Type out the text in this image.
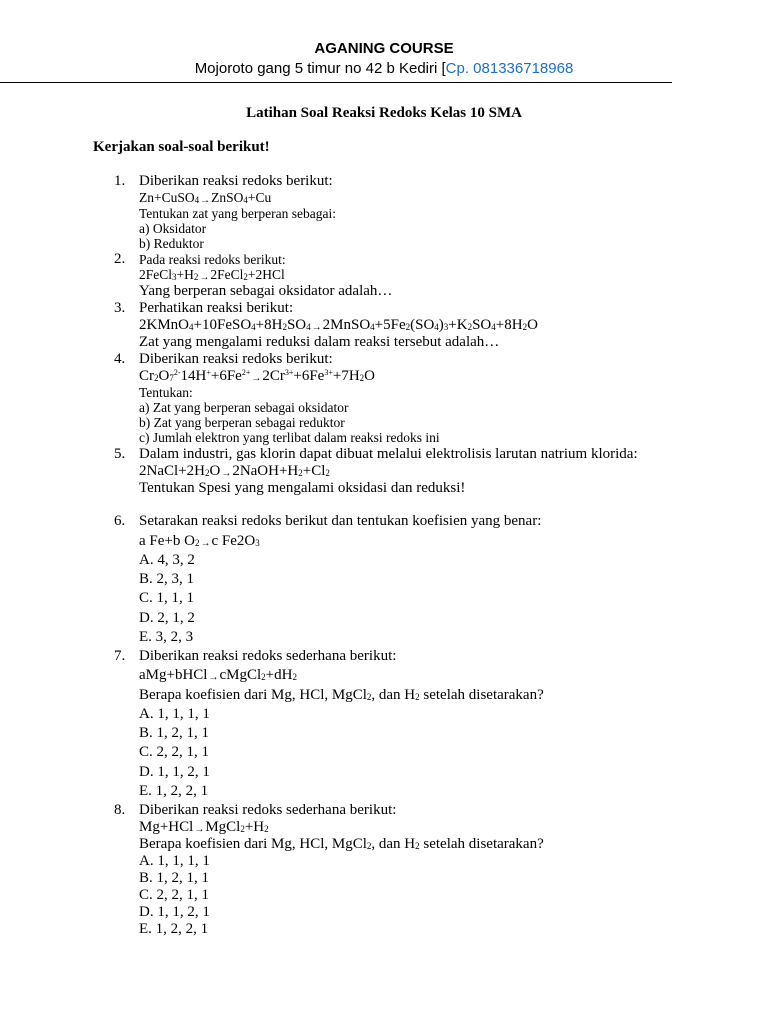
AGANING COURSE
Mojoroto gang 5 timur no 42 b Kediri [Cp. 081336718968
Latihan Soal Reaksi Redoks Kelas 10 SMA
Kerjakan soal-soal berikut!
1. Diberikan reaksi redoks berikut:
Zn+CuSO$_4$→ZnSO$_4$+Cu
Tentukan zat yang berperan sebagai:
a) Oksidator
b) Reduktor
2. Pada reaksi redoks berikut:
$2FeCl_3+H_2\to 2FeCl_2+2HCl$
Yang berperan sebagai oksidator adalah…
3. Perhatikan reaksi berikut:
$2KMnO_4+10FeSO_4+8H_2SO_4\to 2MnSO_4+5Fe_2(SO_4)_3+K_2SO_4+8H_2O$
Zat yang mengalami reduksi dalam reaksi tersebut adalah…
4. Diberikan reaksi redoks berikut:
$Cr_2O_7^{2-}14H^++6Fe^{2+}\to 2Cr^{3+}+6Fe^{3+}+7H_2O$
Tentukan:
a) Zat yang berperan sebagai oksidator
b) Zat yang berperan sebagai reduktor
c) Jumlah elektron yang terlibat dalam reaksi redoks ini
5. Dalam industri, gas klorin dapat dibuat melalui elektrolisis larutan natrium klorida:
$2NaCl+2H_2O\to 2NaOH+H_2+Cl_2$
Tentukan Spesi yang mengalami oksidasi dan reduksi!
6. Setarakan reaksi redoks berikut dan tentukan koefisien yang benar:
a Fe+b $O_2\to c$ $Fe2O_3$
A. 4, 3, 2
B. 2, 3, 1
C. 1, 1, 1
D. 2, 1, 2
E. 3, 2, 3
7. Diberikan reaksi redoks sederhana berikut:
$aMg+bHCl\to cMgCl_2+dH_2$
Berapa koefisien dari Mg, HCl, MgCl$_2$, dan $H_2$ setelah disetarakan?
A. 1, 1, 1, 1
B. 1, 2, 1, 1
C. 2, 2, 1, 1
D. 1, 1, 2, 1
E. 1, 2, 2, 1
8. Diberikan reaksi redoks sederhana berikut:
$Mg+HCl\to MgCl_2+H_2$
Berapa koefisien dari Mg, HCl, MgCl$_2$, dan $H_2$ setelah disetarakan?
A. 1, 1, 1, 1
B. 1, 2, 1, 1
C. 2, 2, 1, 1
D. 1, 1, 2, 1
E. 1, 2, 2, 1
